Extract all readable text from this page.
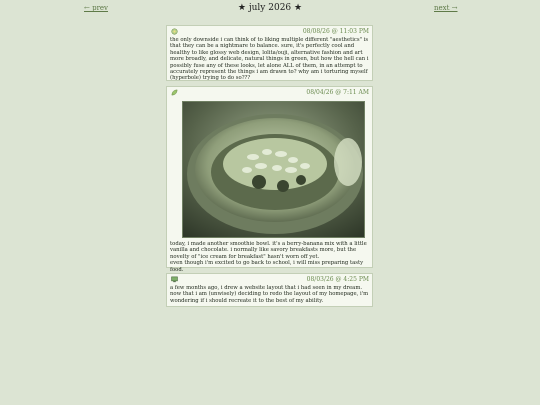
← prev	★ july 2026 ★	next →
08/08/26 @ 11:03 PM

the only downside i can think of to liking multiple different "aesthetics" is that they can be a nightmare to balance. sure, it's perfectly cool and healthy to like glossy web design, lolita/ouji, alternative fashion and art more broadly, and delicate, natural things in green, but how the hell can i possibly fuse any of these looks, let alone ALL of them, in an attempt to accurately represent the things i am drawn to? why am i torturing myself (hyperbole) trying to do so???

08/04/26 @ 7:11 AM

today, i made another smoothie bowl. it's a berry-banana mix with a little vanilla and chocolate. i normally like savory breakfasts more, but the novelty of "ice cream for breakfast" hasn't worn off yet.

even though i'm excited to go back to school, i will miss preparing tasty food.

08/03/26 @ 4:25 PM

a few months ago, i drew a website layout that i had seen in my dream. now that i am (unwisely) deciding to redo the layout of my homepage, i'm wondering if i should recreate it to the best of my ability.
